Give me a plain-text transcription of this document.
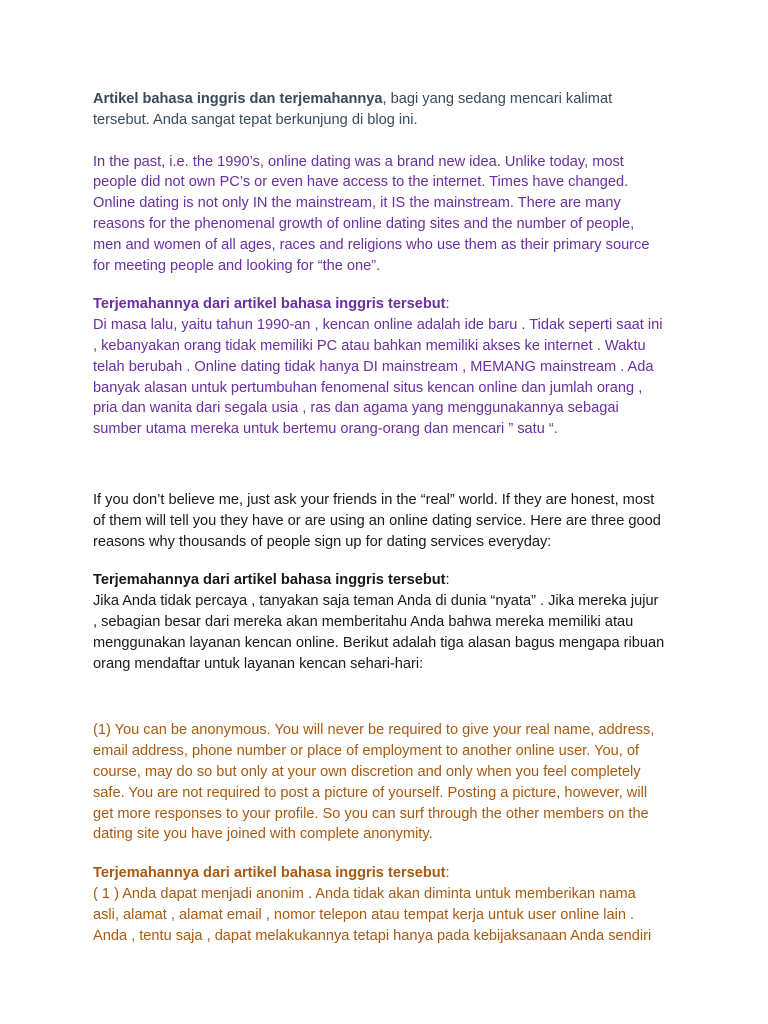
Artikel bahasa inggris dan terjemahannya, bagi yang sedang mencari kalimat
tersebut. Anda sangat tepat berkunjung di blog ini.

In the past, i.e. the 1990’s, online dating was a brand new idea. Unlike today, most
people did not own PC’s or even have access to the internet. Times have changed.
Online dating is not only IN the mainstream, it IS the mainstream. There are many
reasons for the phenomenal growth of online dating sites and the number of people,
men and women of all ages, races and religions who use them as their primary source
for meeting people and looking for “the one”.

Terjemahannya dari artikel bahasa inggris tersebut:

Di masa lalu, yaitu tahun 1990-an , kencan online adalah ide baru . Tidak seperti saat ini
, kebanyakan orang tidak memiliki PC atau bahkan memiliki akses ke internet . Waktu
telah berubah . Online dating tidak hanya DI mainstream , MEMANG mainstream . Ada
banyak alasan untuk pertumbuhan fenomenal situs kencan online dan jumlah orang ,
pria dan wanita dari segala usia , ras dan agama yang menggunakannya sebagai
sumber utama mereka untuk bertemu orang-orang dan mencari ” satu “.

If you don’t believe me, just ask your friends in the “real” world. If they are honest, most
of them will tell you they have or are using an online dating service. Here are three good
reasons why thousands of people sign up for dating services everyday:

Terjemahannya dari artikel bahasa inggris tersebut:

Jika Anda tidak percaya , tanyakan saja teman Anda di dunia “nyata” . Jika mereka jujur
, sebagian besar dari mereka akan memberitahu Anda bahwa mereka memiliki atau
menggunakan layanan kencan online. Berikut adalah tiga alasan bagus mengapa ribuan
orang mendaftar untuk layanan kencan sehari-hari:

(1) You can be anonymous. You will never be required to give your real name, address,
email address, phone number or place of employment to another online user. You, of
course, may do so but only at your own discretion and only when you feel completely
safe. You are not required to post a picture of yourself. Posting a picture, however, will
get more responses to your profile. So you can surf through the other members on the
dating site you have joined with complete anonymity.

Terjemahannya dari artikel bahasa inggris tersebut:

( 1 ) Anda dapat menjadi anonim . Anda tidak akan diminta untuk memberikan nama
asli, alamat , alamat email , nomor telepon atau tempat kerja untuk user online lain .
Anda , tentu saja , dapat melakukannya tetapi hanya pada kebijaksanaan Anda sendiri
